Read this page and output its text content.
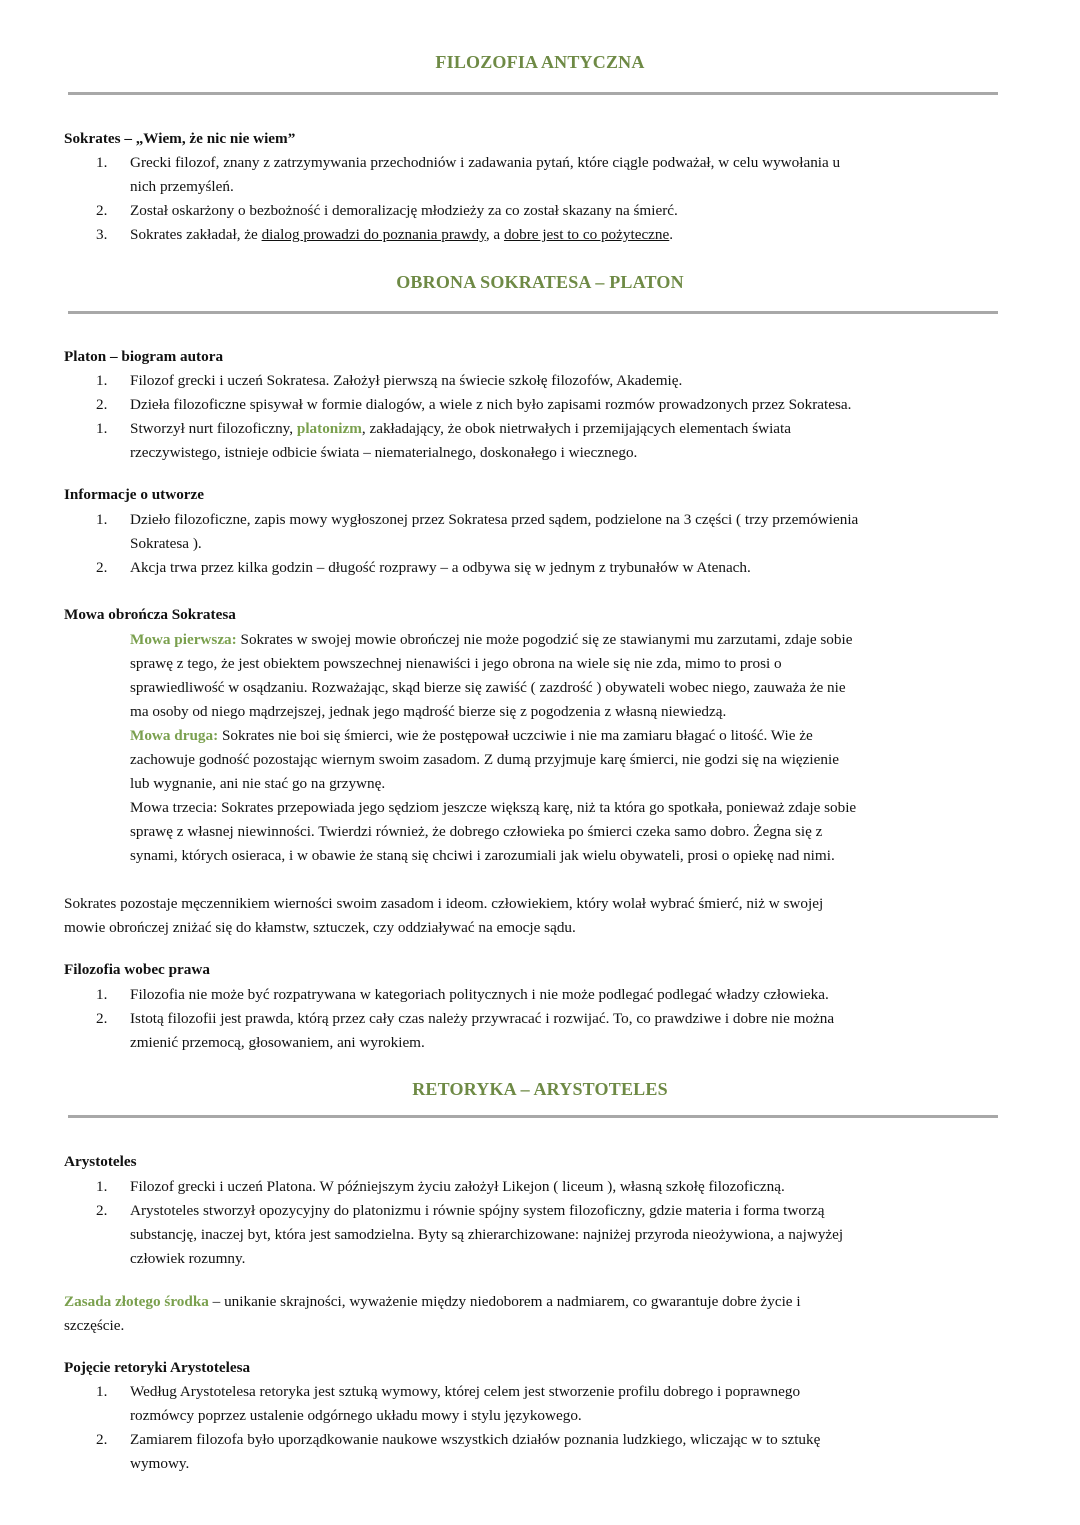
FILOZOFIA ANTYCZNA
Sokrates – „Wiem, że nic nie wiem”
1.	Grecki filozof, znany z zatrzymywania przechodniów i zadawania pytań, które ciągle podważał, w celu wywołania u
nich przemyśleń.
2.	Został oskarżony o bezbożność i demoralizację młodzieży za co został skazany na śmierć.
3.	Sokrates zakładał, że dialog prowadzi do poznania prawdy, a dobre jest to co pożyteczne.
OBRONA SOKRATESA – PLATON
Platon – biogram autora
1.	Filozof grecki i uczeń Sokratesa. Założył pierwszą na świecie szkołę filozofów, Akademię.
2.	Dzieła filozoficzne spisywał w formie dialogów, a wiele z nich było zapisami rozmów prowadzonych przez Sokratesa.
1.	Stworzył nurt filozoficzny, platonizm, zakładający, że obok nietrwałych i przemijających elementach świata
rzeczywistego, istnieje odbicie świata – niematerialnego, doskonałego i wiecznego.
Informacje o utworze
1.	Dzieło filozoficzne, zapis mowy wygłoszonej przez Sokratesa przed sądem, podzielone na 3 części ( trzy przemówienia
Sokratesa ).
2.	Akcja trwa przez kilka godzin – długość rozprawy – a odbywa się w jednym z trybunałów w Atenach.
Mowa obrończa Sokratesa
Mowa pierwsza: Sokrates w swojej mowie obrończej nie może pogodzić się ze stawianymi mu zarzutami, zdaje sobie
sprawę z tego, że jest obiektem powszechnej nienawiści i jego obrona na wiele się nie zda, mimo to prosi o
sprawiedliwość w osądzaniu. Rozważając, skąd bierze się zawiść ( zazdrość ) obywateli wobec niego, zauważa że nie
ma osoby od niego mądrzejszej, jednak jego mądrość bierze się z pogodzenia z własną niewiedzą.
Mowa druga: Sokrates nie boi się śmierci, wie że postępował uczciwie i nie ma zamiaru błagać o litość. Wie że
zachowuje godność pozostając wiernym swoim zasadom. Z dumą przyjmuje karę śmierci, nie godzi się na więzienie
lub wygnanie, ani nie stać go na grzywnę.
Mowa trzecia: Sokrates przepowiada jego sędziom jeszcze większą karę, niż ta która go spotkała, ponieważ zdaje sobie
sprawę z własnej niewinności. Twierdzi również, że dobrego człowieka po śmierci czeka samo dobro. Żegna się z
synami, których osieraca, i w obawie że staną się chciwi i zarozumiali jak wielu obywateli, prosi o opiekę nad nimi.
Sokrates pozostaje męczennikiem wierności swoim zasadom i ideom. człowiekiem, który wolał wybrać śmierć, niż w swojej
mowie obrończej zniżać się do kłamstw, sztuczek, czy oddziaływać na emocje sądu.
Filozofia wobec prawa
1.	Filozofia nie może być rozpatrywana w kategoriach politycznych i nie może podlegać podlegać władzy człowieka.
2.	Istotą filozofii jest prawda, którą przez cały czas należy przywracać i rozwijać. To, co prawdziwe i dobre nie można
zmienić przemocą, głosowaniem, ani wyrokiem.
RETORYKA – ARYSTOTELES
Arystoteles
1.	Filozof grecki i uczeń Platona. W późniejszym życiu założył Likejon ( liceum ), własną szkołę filozoficzną.
2.	Arystoteles stworzył opozycyjny do platonizmu i równie spójny system filozoficzny, gdzie materia i forma tworzą
substancję, inaczej byt, która jest samodzielna. Byty są zhierarchizowane: najniżej przyroda nieożywiona, a najwyżej
człowiek rozumny.
Zasada złotego środka – unikanie skrajności, wyważenie między niedoborem a nadmiarem, co gwarantuje dobre życie i
szczęście.
Pojęcie retoryki Arystotelesa
1.	Według Arystotelesa retoryka jest sztuką wymowy, której celem jest stworzenie profilu dobrego i poprawnego
rozmówcy poprzez ustalenie odgórnego układu mowy i stylu językowego.
2.	Zamiarem filozofa było uporządkowanie naukowe wszystkich działów poznania ludzkiego, wliczając w to sztukę
wymowy.
